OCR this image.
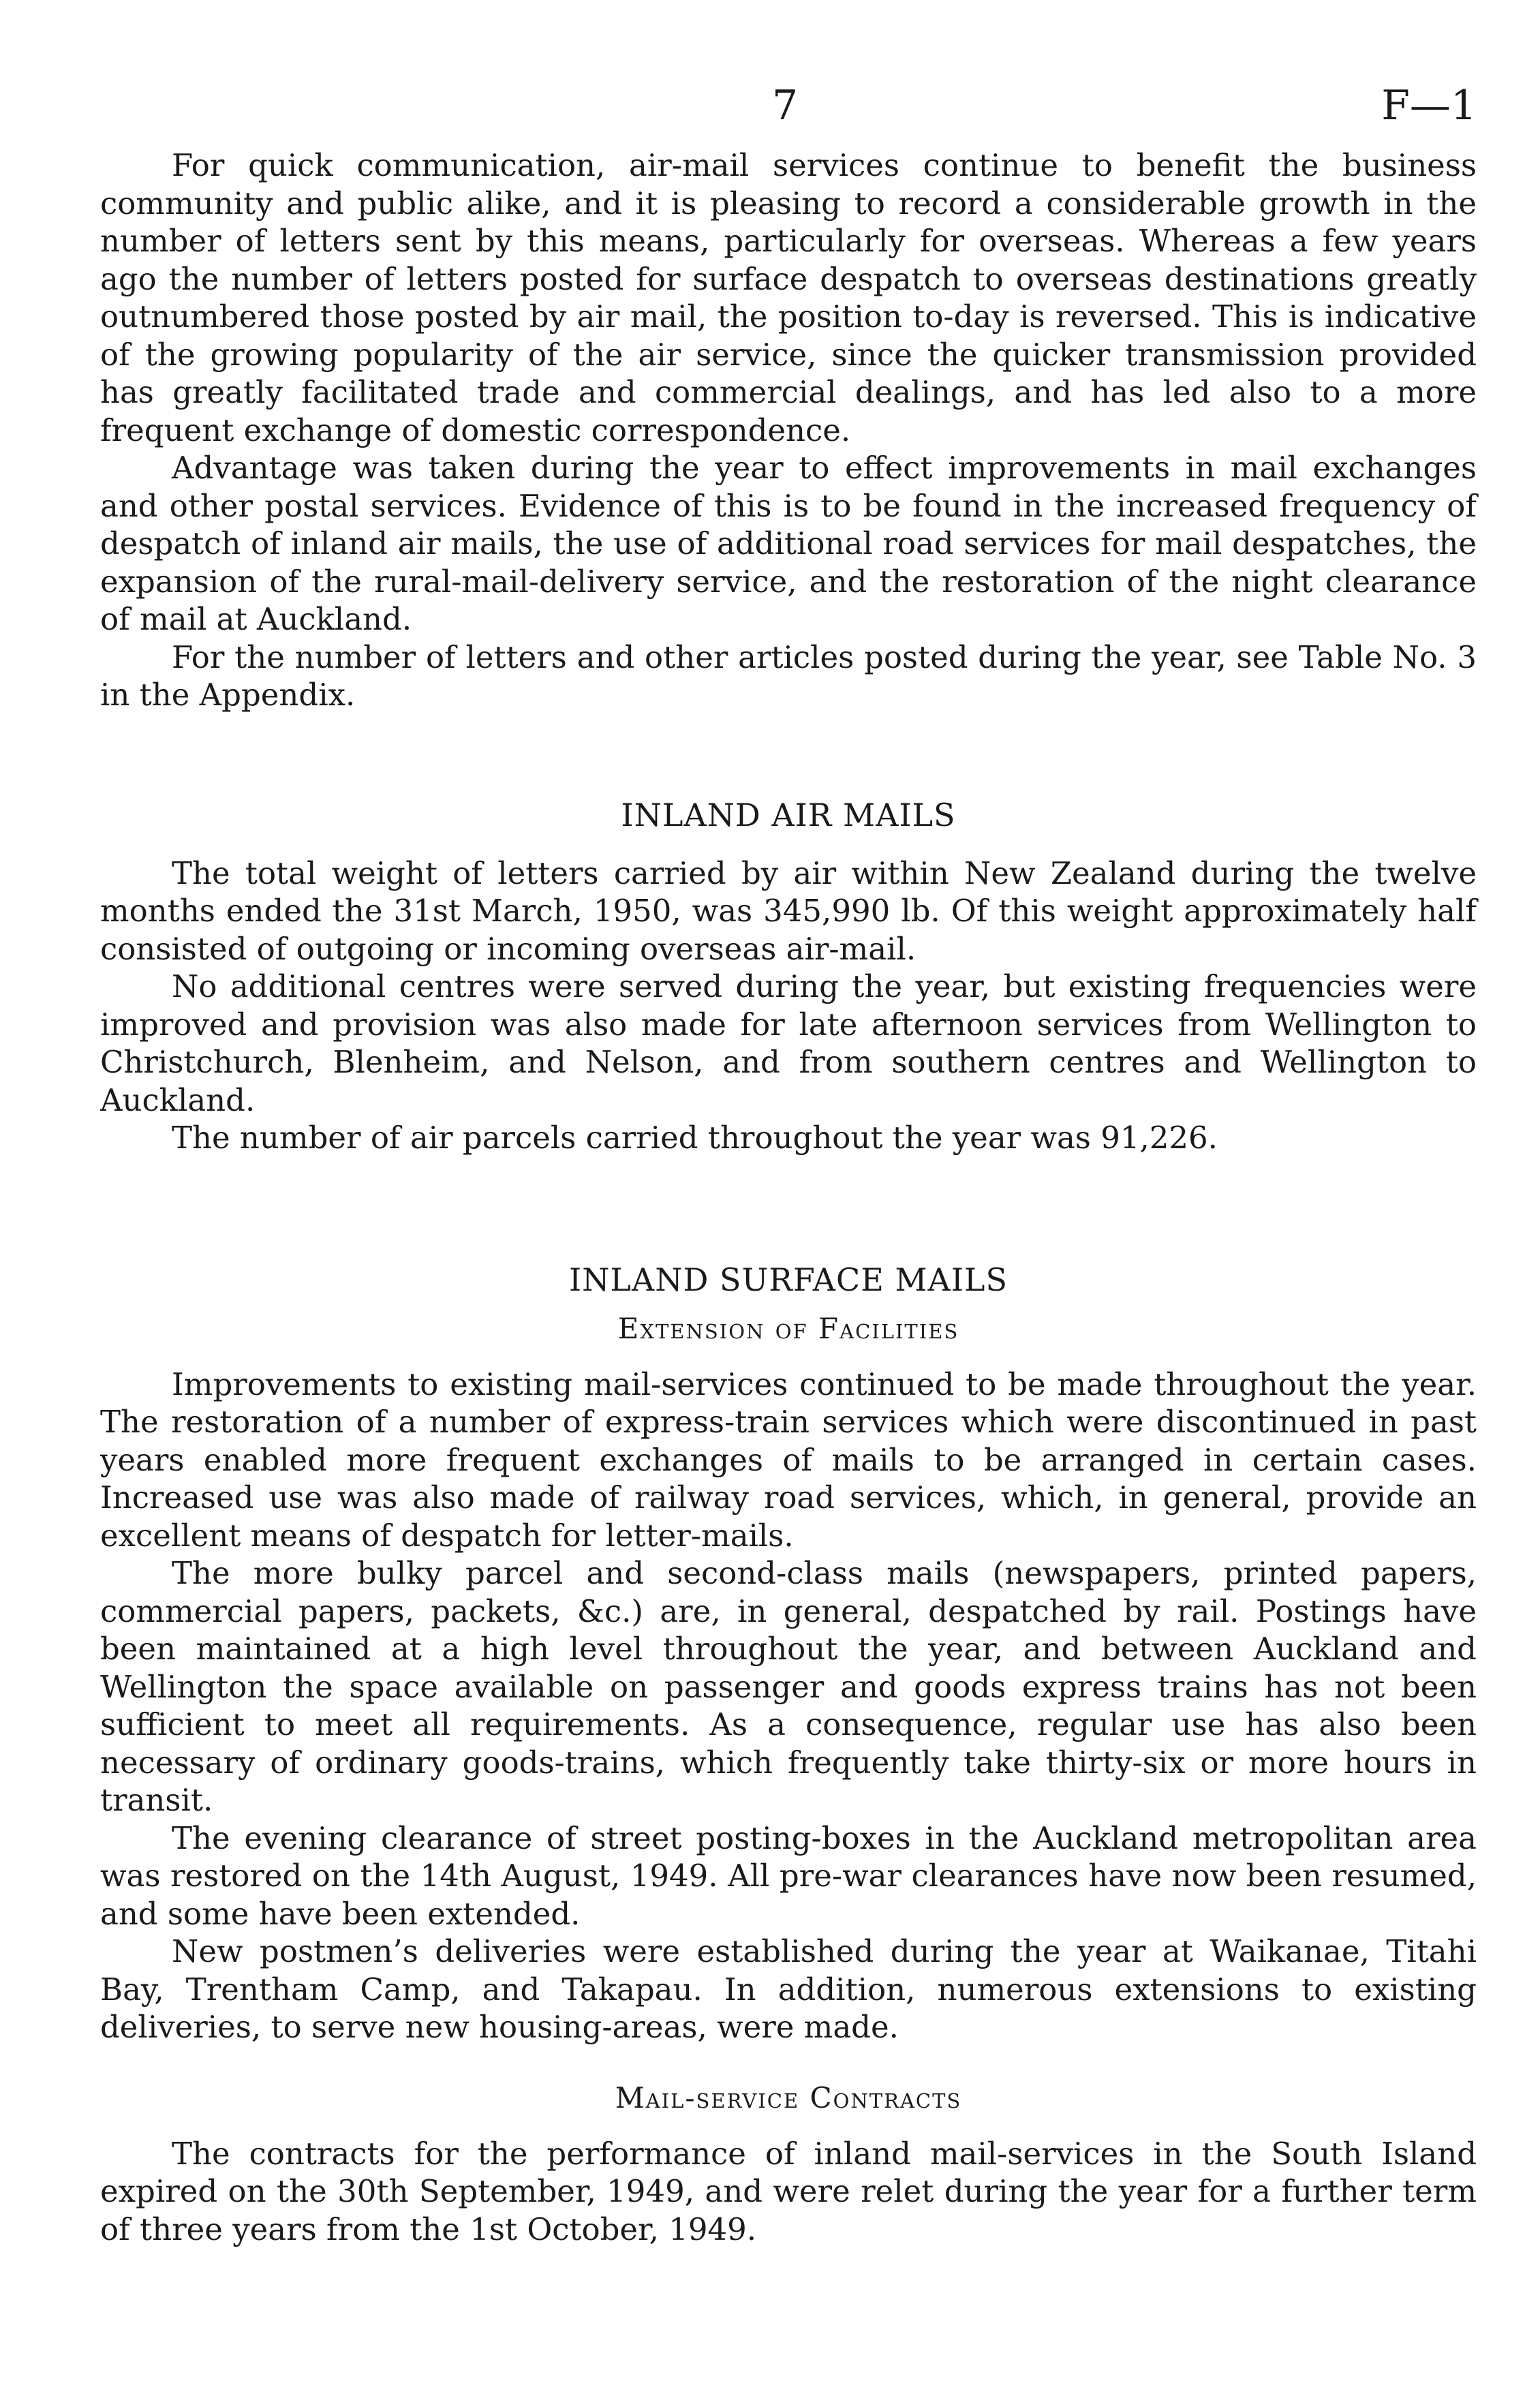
7	F—1

For quick communication, air-mail services continue to benefit the business community and public alike, and it is pleasing to record a considerable growth in the number of letters sent by this means, particularly for overseas. Whereas a few years ago the number of letters posted for surface despatch to overseas destinations greatly outnumbered those posted by air mail, the position to-day is reversed. This is indicative of the growing popularity of the air service, since the quicker transmission provided has greatly facilitated trade and commercial dealings, and has led also to a more frequent exchange of domestic correspondence.

Advantage was taken during the year to effect improvements in mail exchanges and other postal services. Evidence of this is to be found in the increased frequency of despatch of inland air mails, the use of additional road services for mail despatches, the expansion of the rural-mail-delivery service, and the restoration of the night clearance of mail at Auckland.

For the number of letters and other articles posted during the year, see Table No. 3 in the Appendix.

INLAND AIR MAILS

The total weight of letters carried by air within New Zealand during the twelve months ended the 31st March, 1950, was 345,990 lb. Of this weight approximately half consisted of outgoing or incoming overseas air-mail.

No additional centres were served during the year, but existing frequencies were improved and provision was also made for late afternoon services from Wellington to Christchurch, Blenheim, and Nelson, and from southern centres and Wellington to Auckland.

The number of air parcels carried throughout the year was 91,226.

INLAND SURFACE MAILS
Extension of Facilities

Improvements to existing mail-services continued to be made throughout the year. The restoration of a number of express-train services which were discontinued in past years enabled more frequent exchanges of mails to be arranged in certain cases. Increased use was also made of railway road services, which, in general, provide an excellent means of despatch for letter-mails.

The more bulky parcel and second-class mails (newspapers, printed papers, commercial papers, packets, &c.) are, in general, despatched by rail. Postings have been maintained at a high level throughout the year, and between Auckland and Wellington the space available on passenger and goods express trains has not been sufficient to meet all requirements. As a consequence, regular use has also been necessary of ordinary goods-trains, which frequently take thirty-six or more hours in transit.

The evening clearance of street posting-boxes in the Auckland metropolitan area was restored on the 14th August, 1949. All pre-war clearances have now been resumed, and some have been extended.

New postmen’s deliveries were established during the year at Waikanae, Titahi Bay, Trentham Camp, and Takapau. In addition, numerous extensions to existing deliveries, to serve new housing-areas, were made.

Mail-service Contracts

The contracts for the performance of inland mail-services in the South Island expired on the 30th September, 1949, and were relet during the year for a further term of three years from the 1st October, 1949.
